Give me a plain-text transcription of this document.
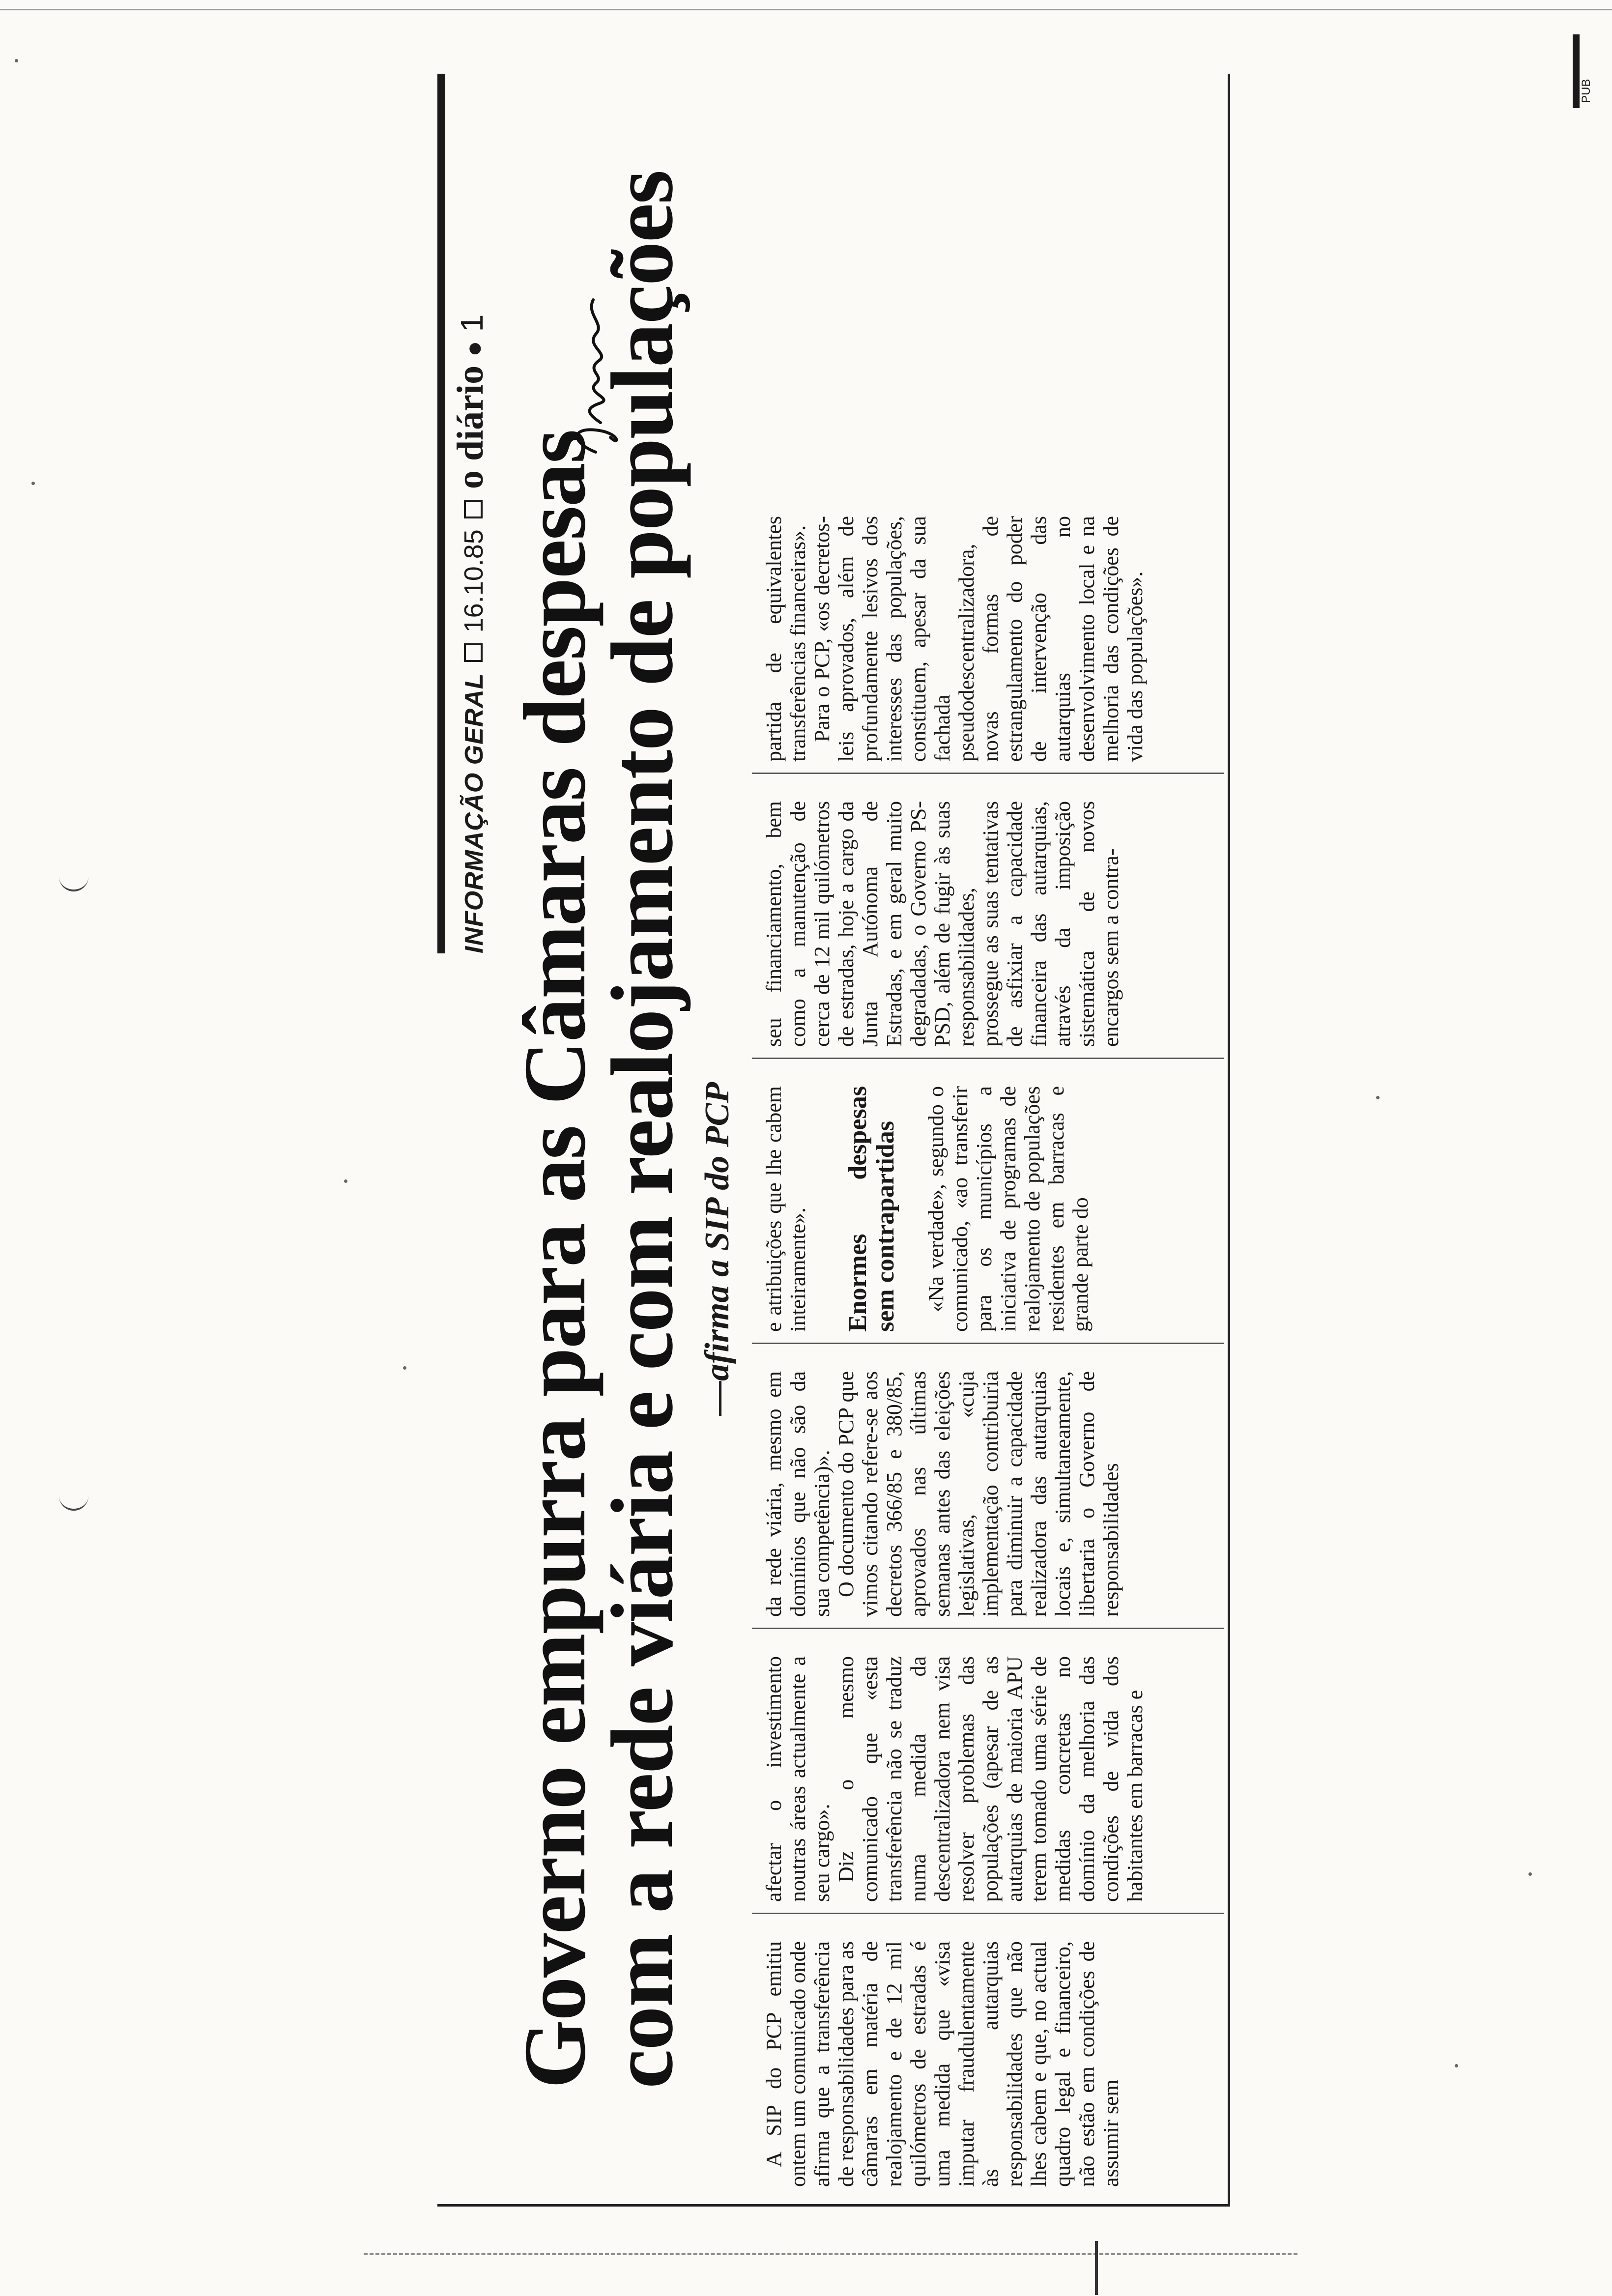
INFORMAÇÃO GERAL
16.10.85
o diário
●
1
Governo empurra para as Câmaras despesas
com a rede viária e com realojamento de populações —afirma a SIP do PCP

A SIP do PCP emitiu ontem um comunicado onde afirma que a transferência de responsabilidades para as câmaras em matéria de realojamento e de 12 mil quilómetros de estradas é uma medida que «visa imputar fraudulentamente às autarquias responsabilidades que não lhes cabem e que, no actual quadro legal e financeiro, não estão em condições de assumir sem

afectar o investimento noutras áreas actualmente a seu cargo». Diz o mesmo comunicado que «esta transferência não se traduz numa medida da descentralizadora nem visa resolver problemas das populações (apesar de as autarquias de maioria APU terem tomado uma série de medidas concretas no domínio da melhoria das condições de vida dos habitantes em barracas e

da rede viária, mesmo em domínios que não são da sua competência)». O documento do PCP que vimos citando refere-se aos decretos 366/85 e 380/85, aprovados nas últimas semanas antes das eleições legislativas, «cuja implementação contribuiria para diminuir a capacidade realizadora das autarquias locais e, simultaneamente, libertaria o Governo de responsabilidades

e atribuições que lhe cabem inteiramente». Enormes despesas sem contrapartidas «Na verdade», segundo o comunicado, «ao transferir para os municípios a iniciativa de programas de realojamento de populações residentes em barracas e grande parte do

seu financiamento, bem como a manutenção de cerca de 12 mil quilómetros de estradas, hoje a cargo da Junta Autónoma de Estradas, e em geral muito degradadas, o Governo PS-PSD, além de fugir às suas responsabilidades, prossegue as suas tentativas de asfixiar a capacidade financeira das autarquias, através da imposição sistemática de novos encargos sem a contra-

partida de equivalentes transferências financeiras». Para o PCP, «os decretos-leis aprovados, além de profundamente lesivos dos interesses das populações, constituem, apesar da sua fachada pseudodescentralizadora, novas formas de estrangulamento do poder de intervenção das autarquias no desenvolvimento local e na melhoria das condições de vida das populações».

PUB
